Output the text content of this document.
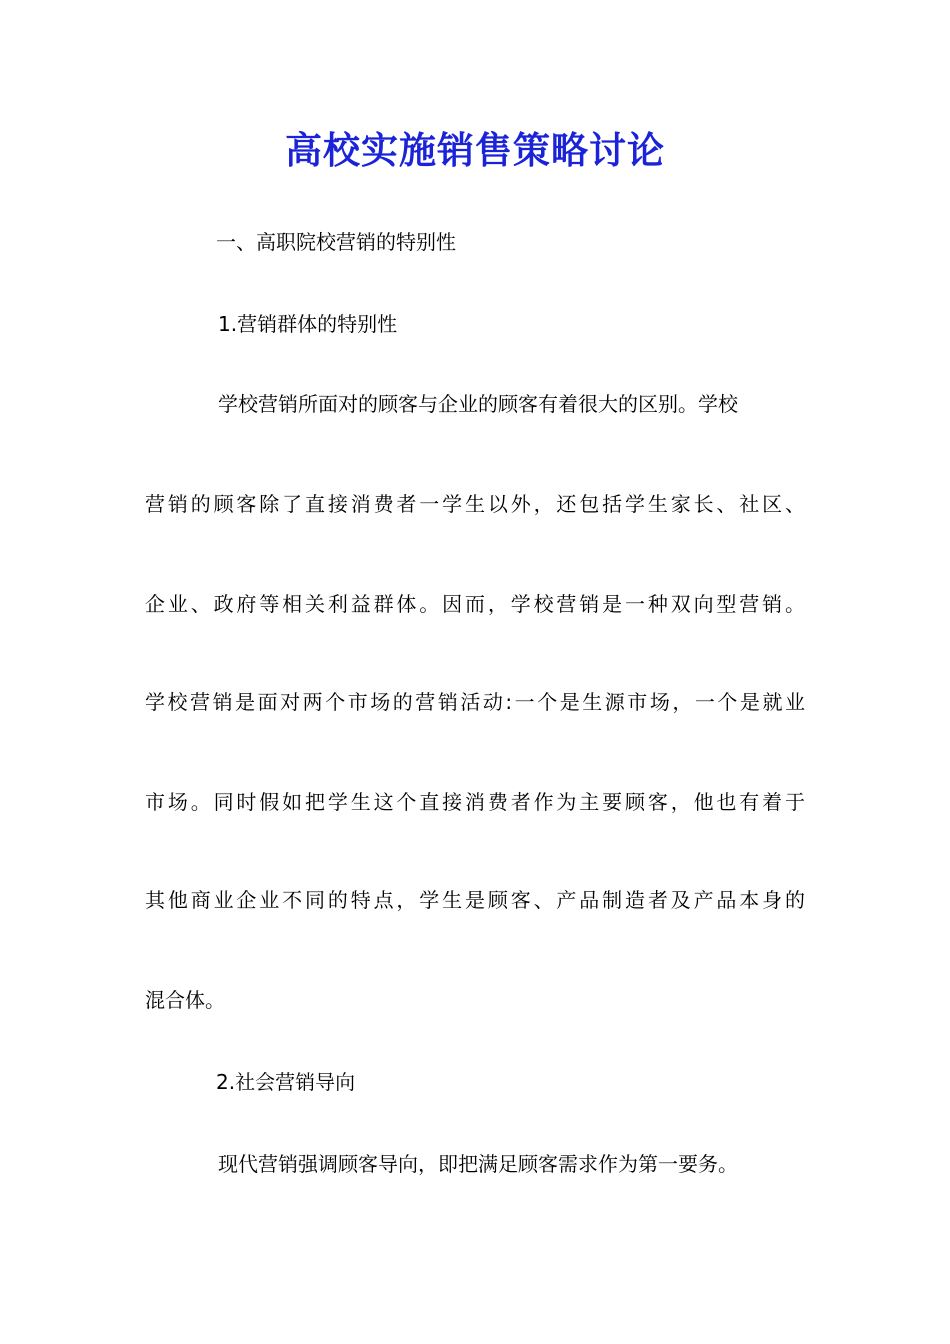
高校实施销售策略讨论
一、高职院校营销的特别性
1.营销群体的特别性
学校营销所面对的顾客与企业的顾客有着很大的区别。学校
营销的顾客除了直接消费者一学生以外，还包括学生家长、社区、
企业、政府等相关利益群体。因而，学校营销是一种双向型营销。
学校营销是面对两个市场的营销活动:一个是生源市场，一个是就业
市场。同时假如把学生这个直接消费者作为主要顾客，他也有着于
其他商业企业不同的特点，学生是顾客、产品制造者及产品本身的
混合体。
2.社会营销导向
现代营销强调顾客导向，即把满足顾客需求作为第一要务。
